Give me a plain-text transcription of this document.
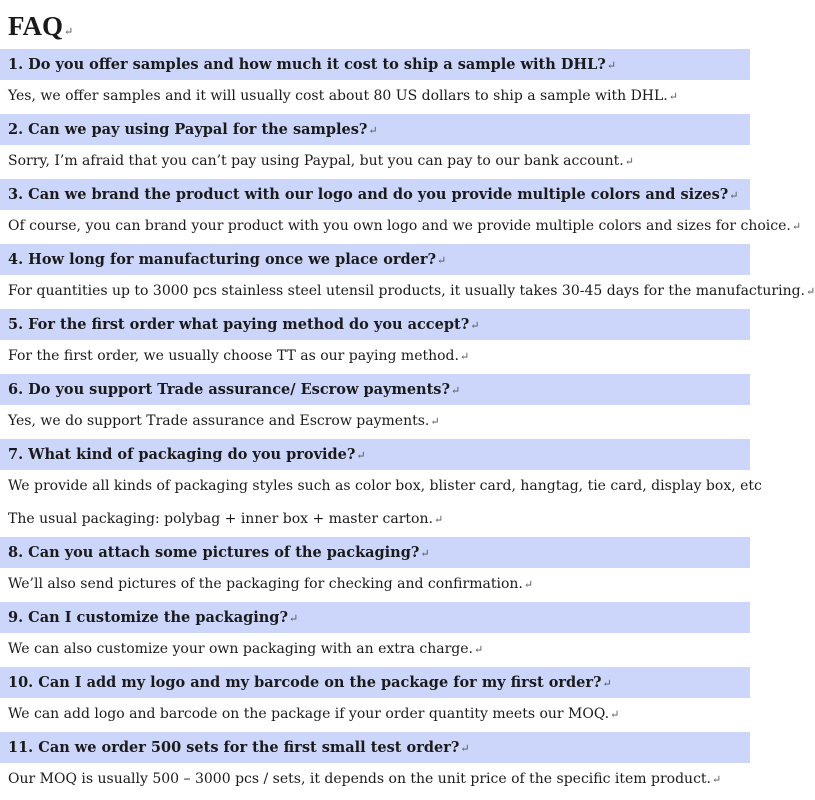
FAQ↵
1. Do you offer samples and how much it cost to ship a sample with DHL?↵
Yes, we offer samples and it will usually cost about 80 US dollars to ship a sample with DHL.↵
2. Can we pay using Paypal for the samples?↵
Sorry, I’m afraid that you can’t pay using Paypal, but you can pay to our bank account.↵
3. Can we brand the product with our logo and do you provide multiple colors and sizes?↵
Of course, you can brand your product with you own logo and we provide multiple colors and sizes for choice.↵
4. How long for manufacturing once we place order?↵
For quantities up to 3000 pcs stainless steel utensil products, it usually takes 30-45 days for the manufacturing.↵
5. For the first order what paying method do you accept?↵
For the first order, we usually choose TT as our paying method.↵
6. Do you support Trade assurance/ Escrow payments?↵
Yes, we do support Trade assurance and Escrow payments.↵
7. What kind of packaging do you provide?↵
We provide all kinds of packaging styles such as color box, blister card, hangtag, tie card, display box, etc
The usual packaging: polybag + inner box + master carton.↵
8. Can you attach some pictures of the packaging?↵
We’ll also send pictures of the packaging for checking and confirmation.↵
9. Can I customize the packaging?↵
We can also customize your own packaging with an extra charge.↵
10. Can I add my logo and my barcode on the package for my first order?↵
We can add logo and barcode on the package if your order quantity meets our MOQ.↵
11. Can we order 500 sets for the first small test order?↵
Our MOQ is usually 500 – 3000 pcs / sets, it depends on the unit price of the specific item product.↵
